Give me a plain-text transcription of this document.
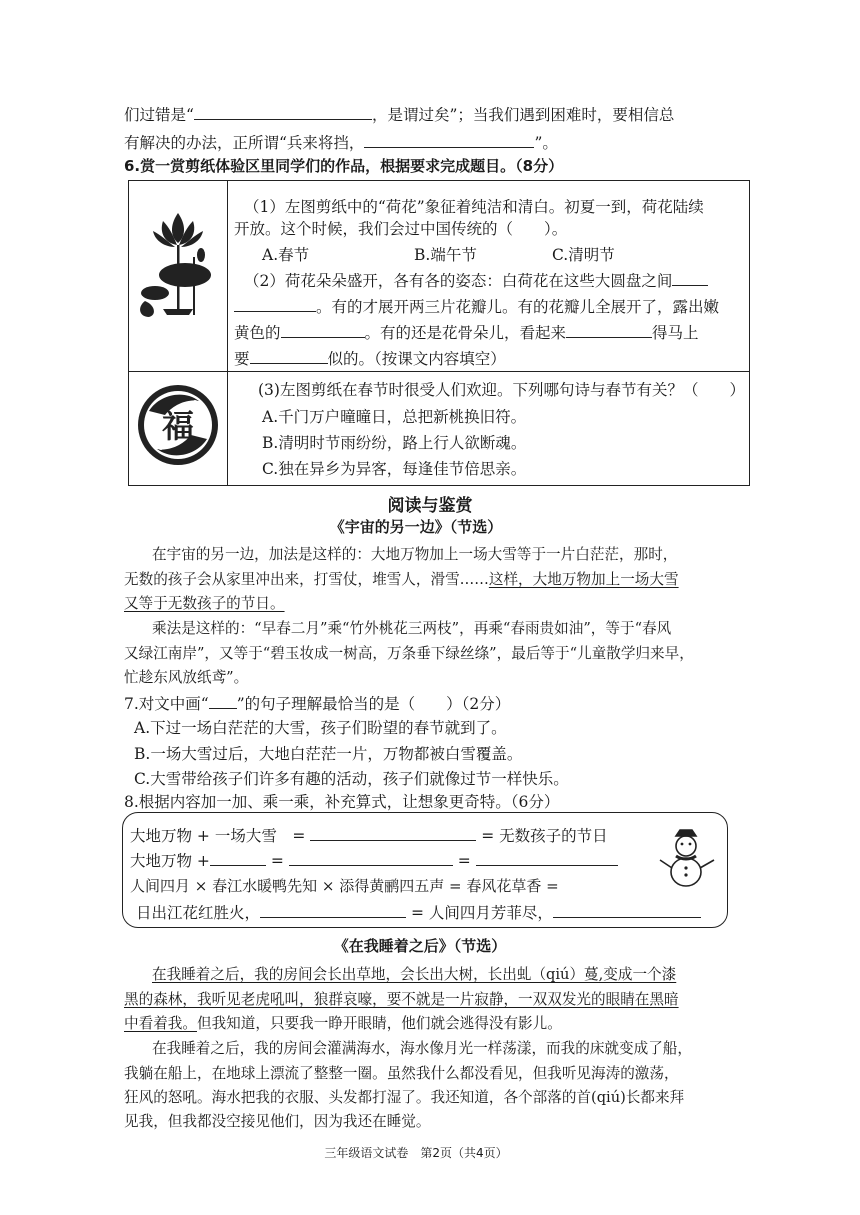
们过错是“	，是谓过矣”；当我们遇到困难时，要相信总
有解决的办法，正所谓“兵来将挡，	”。
6.赏一赏剪纸体验区里同学们的作品，根据要求完成题目。（8分）
福
（1）左图剪纸中的“荷花”象征着纯洁和清白。初夏一到，荷花陆续
开放。这个时候，我们会过中国传统的（　　）。
A.春节	B.端午节	C.清明节
（2）荷花朵朵盛开，各有各的姿态：白荷花在这些大圆盘之间
。有的才展开两三片花瓣儿。有的花瓣儿全展开了，露出嫩
黄色的	。有的还是花骨朵儿，看起来	得马上
要	似的。（按课文内容填空）
(3)左图剪纸在春节时很受人们欢迎。下列哪句诗与春节有关？（　　）
A.千门万户曈曈日，总把新桃换旧符。
B.清明时节雨纷纷，路上行人欲断魂。
C.独在异乡为异客，每逢佳节倍思亲。
阅读与鉴赏
《宇宙的另一边》（节选）
在宇宙的另一边，加法是这样的：大地万物加上一场大雪等于一片白茫茫，那时，
无数的孩子会从家里冲出来，打雪仗，堆雪人，滑雪……这样，大地万物加上一场大雪
又等于无数孩子的节日。
乘法是这样的：“早春二月”乘“竹外桃花三两枝”，再乘“春雨贵如油”，等于“春风
又绿江南岸”，又等于“碧玉妆成一树高，万条垂下绿丝绦”，最后等于“儿童散学归来早，
忙趁东风放纸鸢”。
7.对文中画“ ”的句子理解最恰当的是（　　）（2分）
A.下过一场白茫茫的大雪，孩子们盼望的春节就到了。
B.一场大雪过后，大地白茫茫一片，万物都被白雪覆盖。
C.大雪带给孩子们许多有趣的活动，孩子们就像过节一样快乐。
8.根据内容加一加、乘一乘，补充算式，让想象更奇特。（6分）
大地万物 + 一场大雪　=	= 无数孩子的节日
大地万物 +	=	=
人间四月 × 春江水暖鸭先知 × 添得黄鹂四五声 = 春风花草香 =
日出江花红胜火，	= 人间四月芳菲尽，
《在我睡着之后》（节选）
在我睡着之后，我的房间会长出草地，会长出大树，长出虬（qiú）蔓,变成一个漆
黑的森林，我听见老虎吼叫，狼群哀嚎，要不就是一片寂静，一双双发光的眼睛在黑暗
中看着我。但我知道，只要我一睁开眼睛，他们就会逃得没有影儿。
在我睡着之后，我的房间会灌满海水，海水像月光一样荡漾，而我的床就变成了船，
我躺在船上，在地球上漂流了整整一圈。虽然我什么都没看见，但我听见海涛的激荡，
狂风的怒吼。海水把我的衣服、头发都打湿了。我还知道，各个部落的首(qiú)长都来拜
见我，但我都没空接见他们，因为我还在睡觉。
三年级语文试卷　第2页（共4页）
